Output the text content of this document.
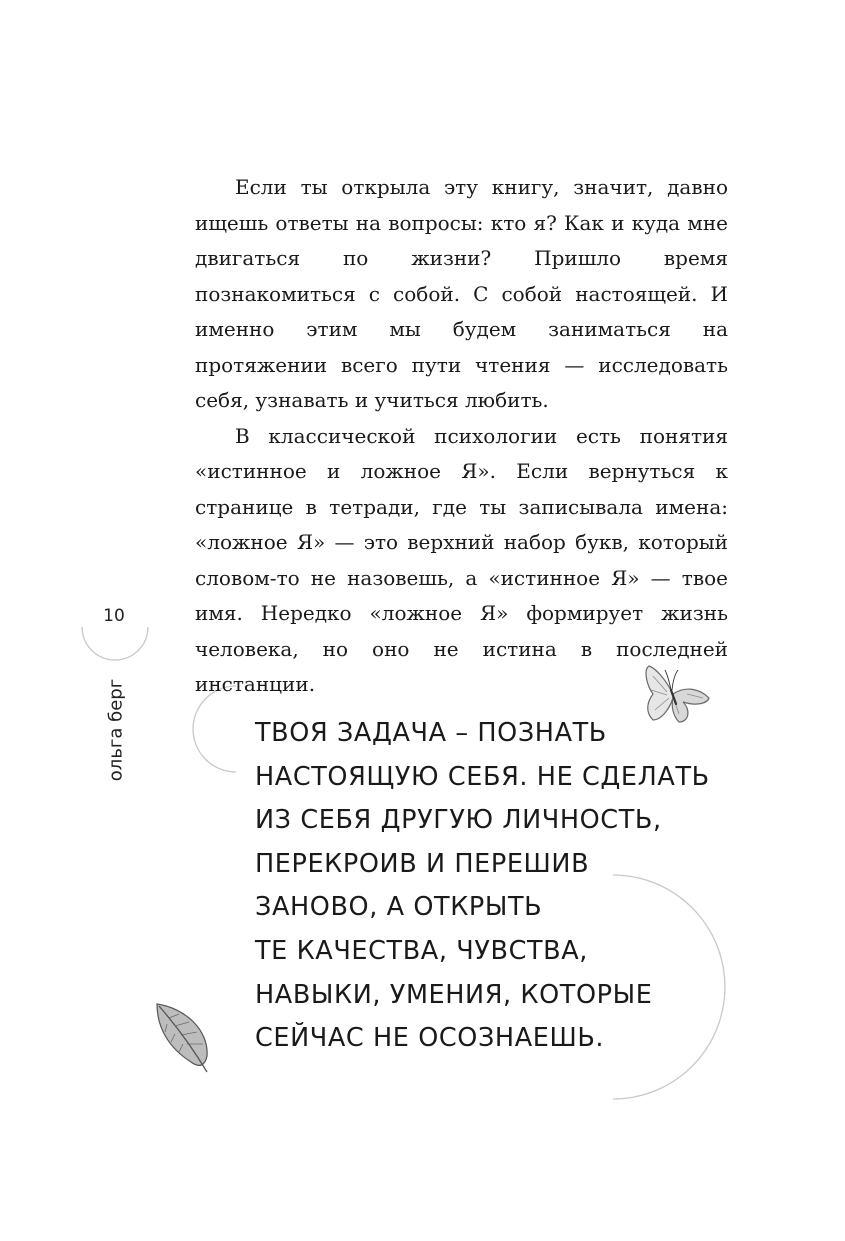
Если ты открыла эту книгу, значит, давно ищешь ответы на вопросы: кто я? Как и куда мне двигаться по жизни? Пришло время познакомиться с собой. С собой настоящей. И именно этим мы будем заниматься на протяжении всего пути чтения — исследовать себя, узнавать и учиться любить.

В классической психологии есть понятия «истинное и ложное Я». Если вернуться к странице в тетради, где ты записывала имена: «ложное Я» — это верхний набор букв, который словом-то не назовешь, а «истинное Я» — твое имя. Нередко «ложное Я» формирует жизнь человека, но оно не истина в последней инстанции.

10
ольга берг	ТВОЯ ЗАДАЧА – ПОЗНАТЬ
НАСТОЯЩУЮ СЕБЯ. НЕ СДЕЛАТЬ
ИЗ СЕБЯ ДРУГУЮ ЛИЧНОСТЬ,
ПЕРЕКРОИВ И ПЕРЕШИВ
ЗАНОВО, А ОТКРЫТЬ
ТЕ КАЧЕСТВА, ЧУВСТВА,
НАВЫКИ, УМЕНИЯ, КОТОРЫЕ
СЕЙЧАС НЕ ОСОЗНАЕШЬ.
